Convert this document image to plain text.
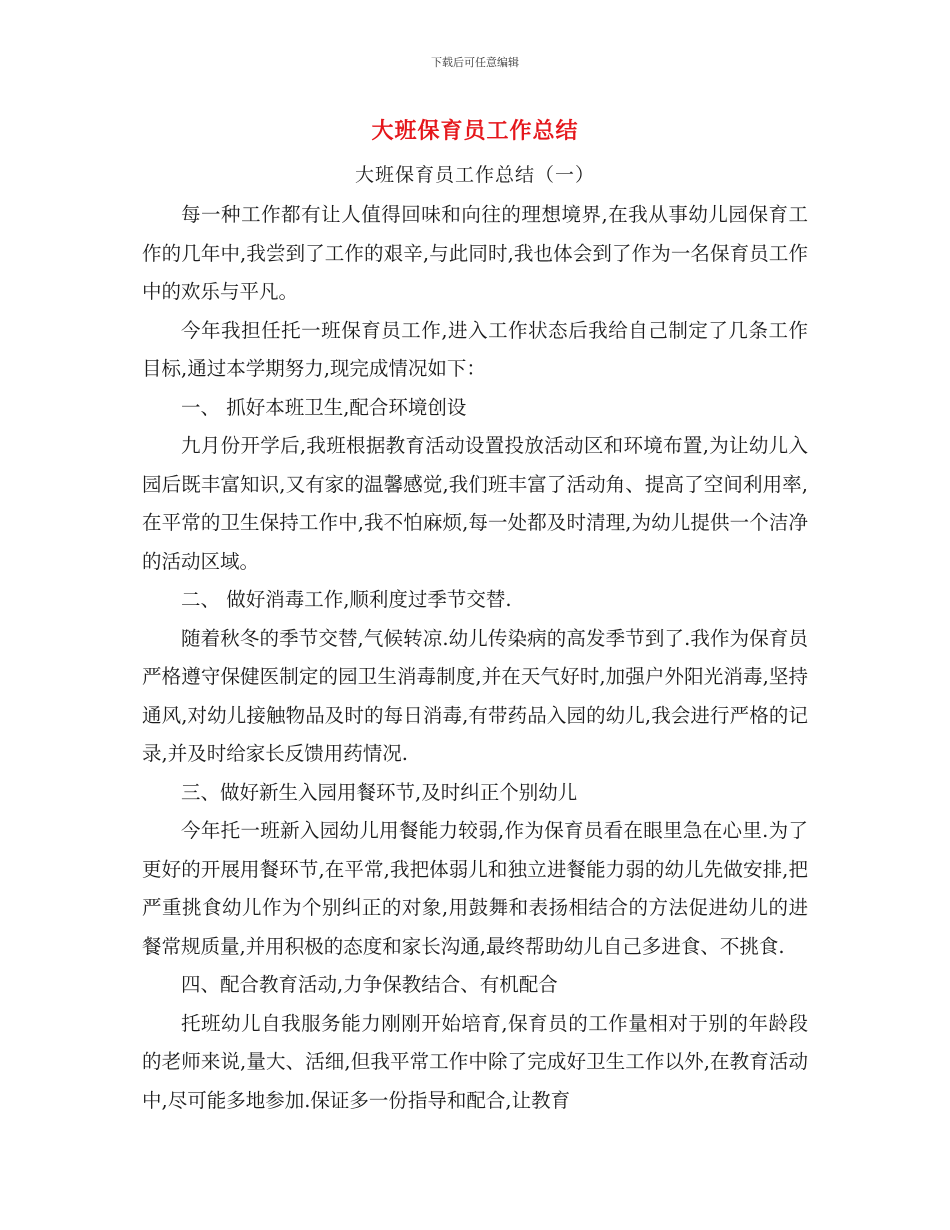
下载后可任意编辑
大班保育员工作总结
大班保育员工作总结（一）

每一种工作都有让人值得回味和向往的理想境界,在我从事幼儿园保育工作的几年中,我尝到了工作的艰辛,与此同时,我也体会到了作为一名保育员工作中的欢乐与平凡。

今年我担任托一班保育员工作,进入工作状态后我给自己制定了几条工作目标,通过本学期努力,现完成情况如下：

一、 抓好本班卫生,配合环境创设

九月份开学后,我班根据教育活动设置投放活动区和环境布置,为让幼儿入园后既丰富知识,又有家的温馨感觉,我们班丰富了活动角、提高了空间利用率,在平常的卫生保持工作中,我不怕麻烦,每一处都及时清理,为幼儿提供一个洁净的活动区域。

二、 做好消毒工作,顺利度过季节交替.

随着秋冬的季节交替,气候转凉.幼儿传染病的高发季节到了.我作为保育员严格遵守保健医制定的园卫生消毒制度,并在天气好时,加强户外阳光消毒,坚持通风,对幼儿接触物品及时的每日消毒,有带药品入园的幼儿,我会进行严格的记录,并及时给家长反馈用药情况.

三、做好新生入园用餐环节,及时纠正个别幼儿

今年托一班新入园幼儿用餐能力较弱,作为保育员看在眼里急在心里.为了更好的开展用餐环节,在平常,我把体弱儿和独立进餐能力弱的幼儿先做安排,把严重挑食幼儿作为个别纠正的对象,用鼓舞和表扬相结合的方法促进幼儿的进餐常规质量,并用积极的态度和家长沟通,最终帮助幼儿自己多进食、不挑食.

四、配合教育活动,力争保教结合、有机配合

托班幼儿自我服务能力刚刚开始培育,保育员的工作量相对于别的年龄段的老师来说,量大、活细,但我平常工作中除了完成好卫生工作以外,在教育活动中,尽可能多地参加.保证多一份指导和配合,让教育
